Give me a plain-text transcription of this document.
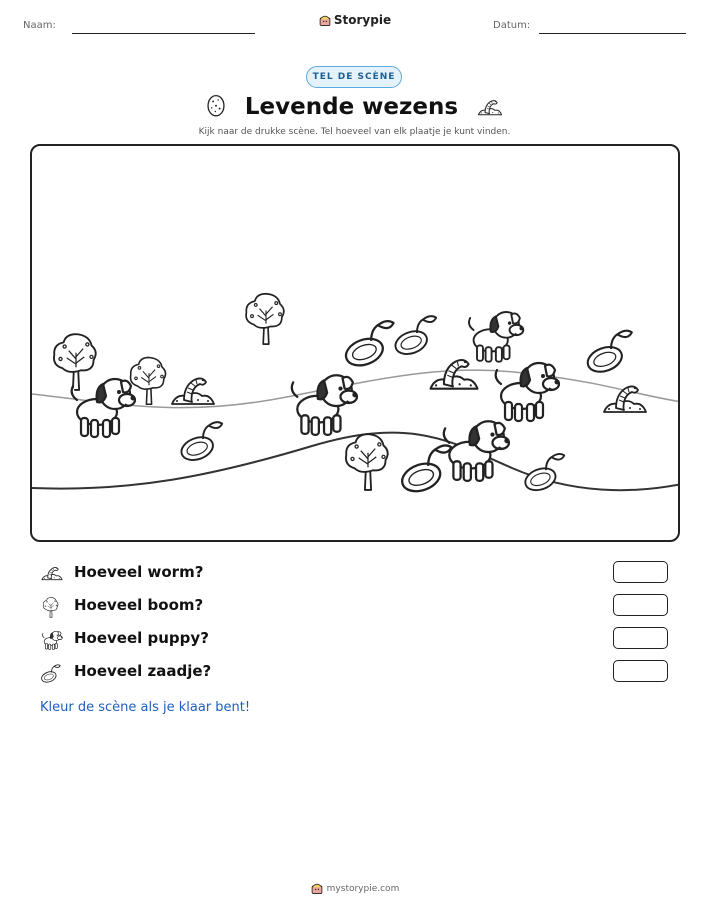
Naam:	Storypie	Datum:
TEL DE SCÈNE
Levende wezens
Kijk naar de drukke scène. Tel hoeveel van elk plaatje je kunt vinden.
Hoeveel worm?
Hoeveel boom?
Hoeveel puppy?
Hoeveel zaadje?
Kleur de scène als je klaar bent!
mystorypie.com
